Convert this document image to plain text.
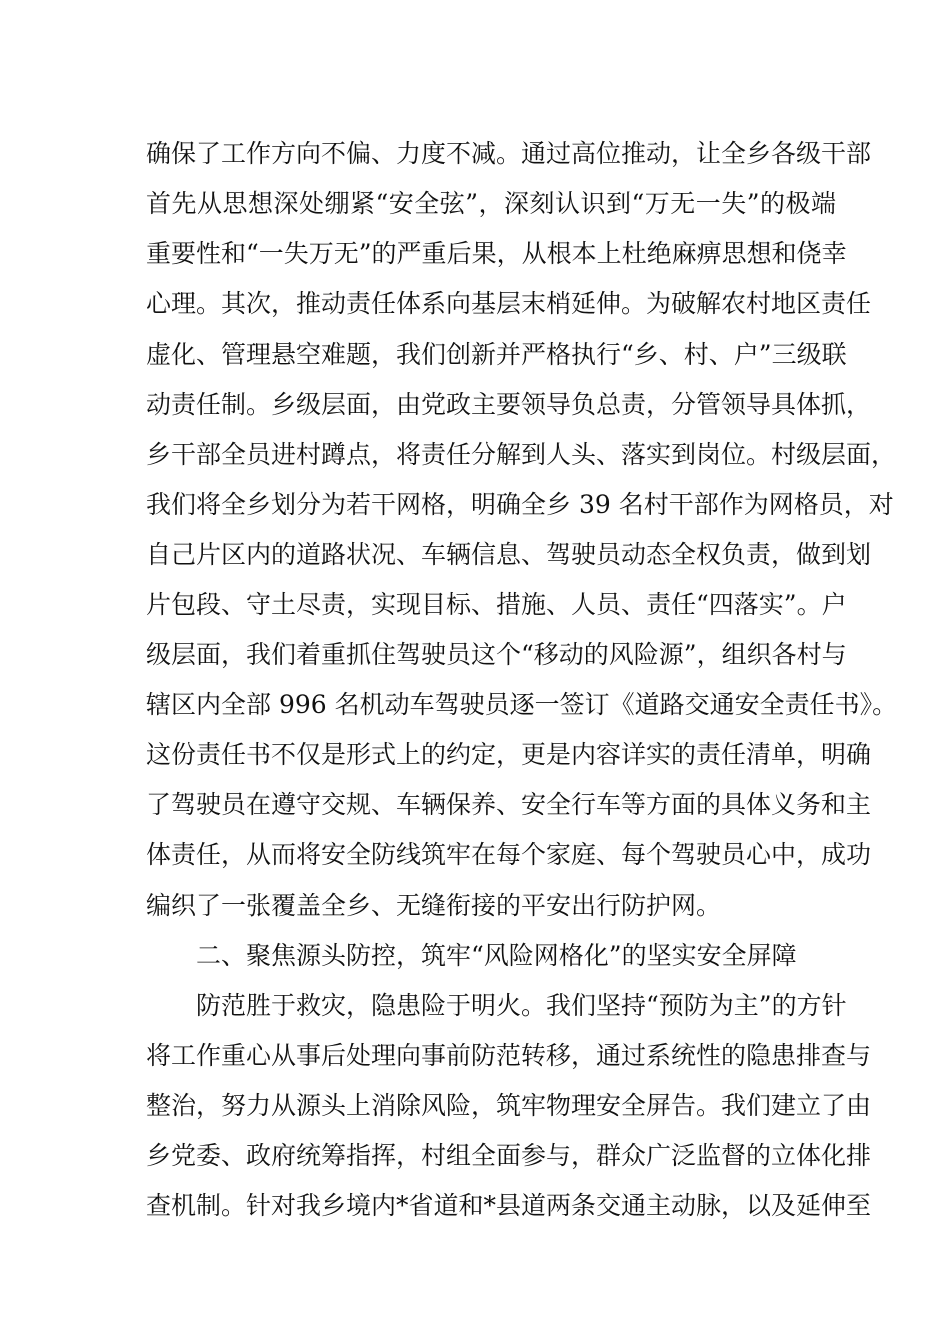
确保了工作方向不偏、力度不减。通过高位推动，让全乡各级干部
首先从思想深处绷紧“安全弦”，深刻认识到“万无一失”的极端
重要性和“一失万无”的严重后果，从根本上杜绝麻痹思想和侥幸
心理。其次，推动责任体系向基层末梢延伸。为破解农村地区责任
虚化、管理悬空难题，我们创新并严格执行“乡、村、户”三级联
动责任制。乡级层面，由党政主要领导负总责，分管领导具体抓，
乡干部全员进村蹲点，将责任分解到人头、落实到岗位。村级层面，
我们将全乡划分为若干网格，明确全乡 39 名村干部作为网格员，对
自己片区内的道路状况、车辆信息、驾驶员动态全权负责，做到划
片包段、守土尽责，实现目标、措施、人员、责任“四落实”。户
级层面，我们着重抓住驾驶员这个“移动的风险源”，组织各村与
辖区内全部 996 名机动车驾驶员逐一签订《道路交通安全责任书》。
这份责任书不仅是形式上的约定，更是内容详实的责任清单，明确
了驾驶员在遵守交规、车辆保养、安全行车等方面的具体义务和主
体责任，从而将安全防线筑牢在每个家庭、每个驾驶员心中，成功
编织了一张覆盖全乡、无缝衔接的平安出行防护网。
二、聚焦源头防控，筑牢“风险网格化”的坚实安全屏障
防范胜于救灾，隐患险于明火。我们坚持“预防为主”的方针
将工作重心从事后处理向事前防范转移，通过系统性的隐患排查与
整治，努力从源头上消除风险，筑牢物理安全屏告。我们建立了由
乡党委、政府统筹指挥，村组全面参与，群众广泛监督的立体化排
查机制。针对我乡境内*省道和*县道两条交通主动脉，以及延伸至
